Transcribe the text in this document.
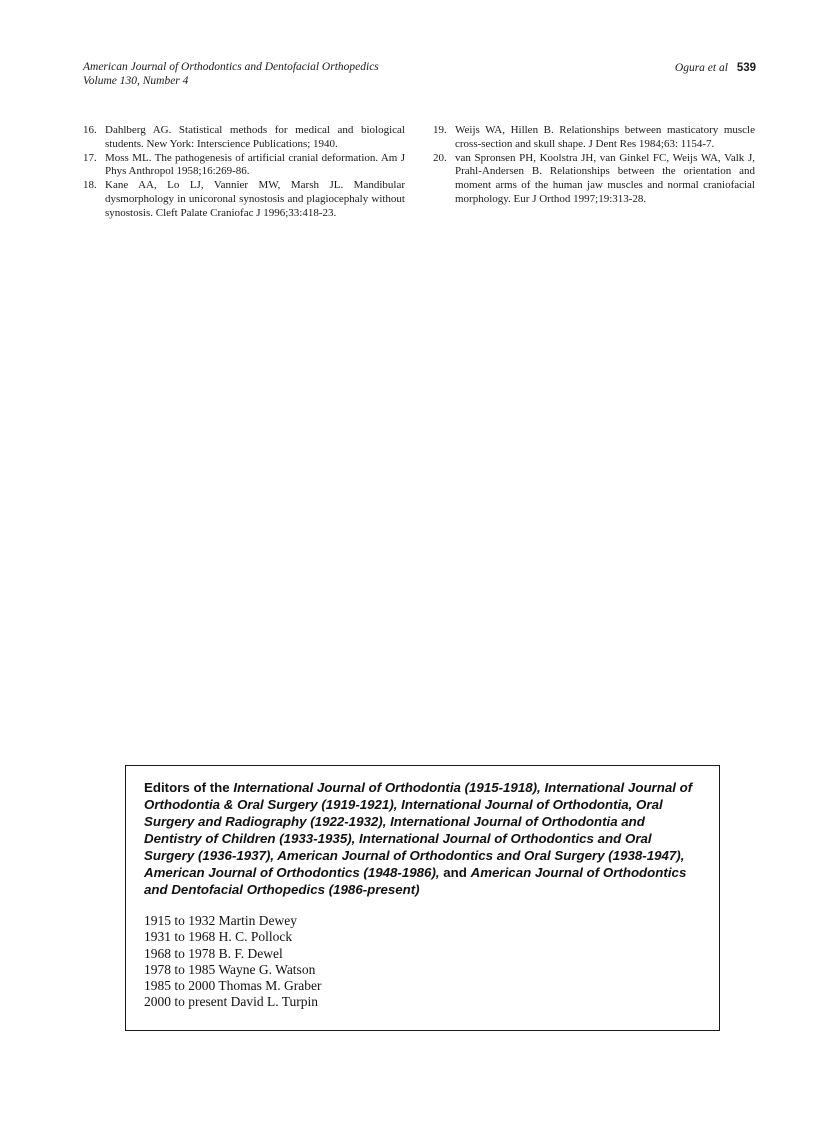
American Journal of Orthodontics and Dentofacial Orthopedics
Volume 130, Number 4
Ogura et al 539
16. Dahlberg AG. Statistical methods for medical and biological students. New York: Interscience Publications; 1940.
17. Moss ML. The pathogenesis of artificial cranial deformation. Am J Phys Anthropol 1958;16:269-86.
18. Kane AA, Lo LJ, Vannier MW, Marsh JL. Mandibular dysmorphology in unicoronal synostosis and plagiocephaly without synostosis. Cleft Palate Craniofac J 1996;33:418-23.
19. Weijs WA, Hillen B. Relationships between masticatory muscle cross-section and skull shape. J Dent Res 1984;63: 1154-7.
20. van Spronsen PH, Koolstra JH, van Ginkel FC, Weijs WA, Valk J, Prahl-Andersen B. Relationships between the orientation and moment arms of the human jaw muscles and normal craniofacial morphology. Eur J Orthod 1997;19:313-28.

Editors of the International Journal of Orthodontia (1915-1918), International Journal of Orthodontia & Oral Surgery (1919-1921), International Journal of Orthodontia, Oral Surgery and Radiography (1922-1932), International Journal of Orthodontia and Dentistry of Children (1933-1935), International Journal of Orthodontics and Oral Surgery (1936-1937), American Journal of Orthodontics and Oral Surgery (1938-1947), American Journal of Orthodontics (1948-1986), and American Journal of Orthodontics and Dentofacial Orthopedics (1986-present)

1915 to 1932 Martin Dewey
1931 to 1968 H. C. Pollock
1968 to 1978 B. F. Dewel
1978 to 1985 Wayne G. Watson
1985 to 2000 Thomas M. Graber
2000 to present David L. Turpin
